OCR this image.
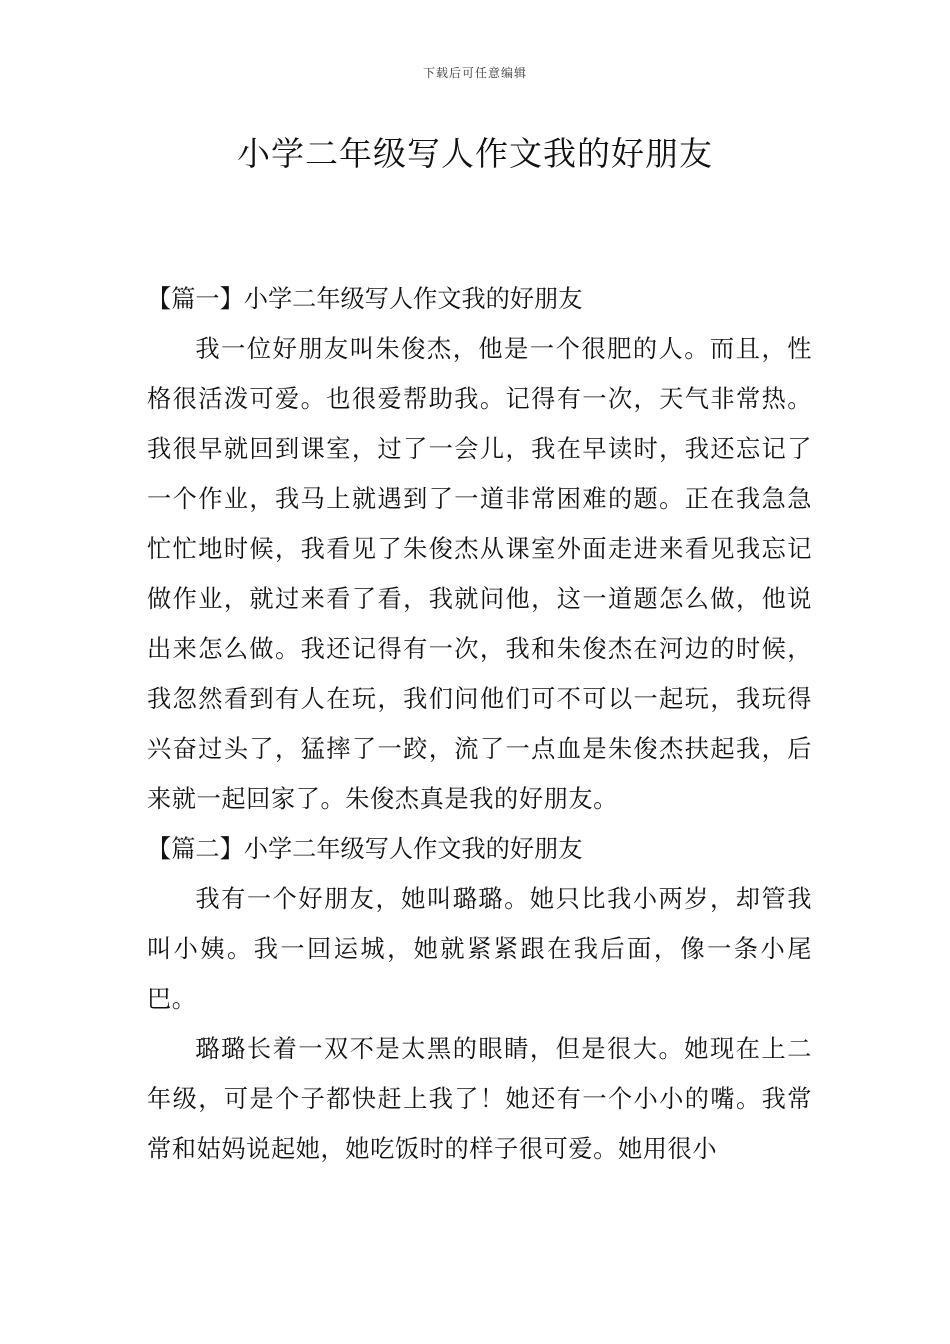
下载后可任意编辑
小学二年级写人作文我的好朋友

【篇一】小学二年级写人作文我的好朋友

我一位好朋友叫朱俊杰，他是一个很肥的人。而且，性格很活泼可爱。也很爱帮助我。记得有一次，天气非常热。我很早就回到课室，过了一会儿，我在早读时，我还忘记了一个作业，我马上就遇到了一道非常困难的题。正在我急急忙忙地时候，我看见了朱俊杰从课室外面走进来看见我忘记做作业，就过来看了看，我就问他，这一道题怎么做，他说出来怎么做。我还记得有一次，我和朱俊杰在河边的时候，我忽然看到有人在玩，我们问他们可不可以一起玩，我玩得兴奋过头了，猛摔了一跤，流了一点血是朱俊杰扶起我，后来就一起回家了。朱俊杰真是我的好朋友。

【篇二】小学二年级写人作文我的好朋友

我有一个好朋友，她叫璐璐。她只比我小两岁，却管我叫小姨。我一回运城，她就紧紧跟在我后面，像一条小尾巴。

璐璐长着一双不是太黑的眼睛，但是很大。她现在上二年级，可是个子都快赶上我了！她还有一个小小的嘴。我常常和姑妈说起她，她吃饭时的样子很可爱。她用很小
